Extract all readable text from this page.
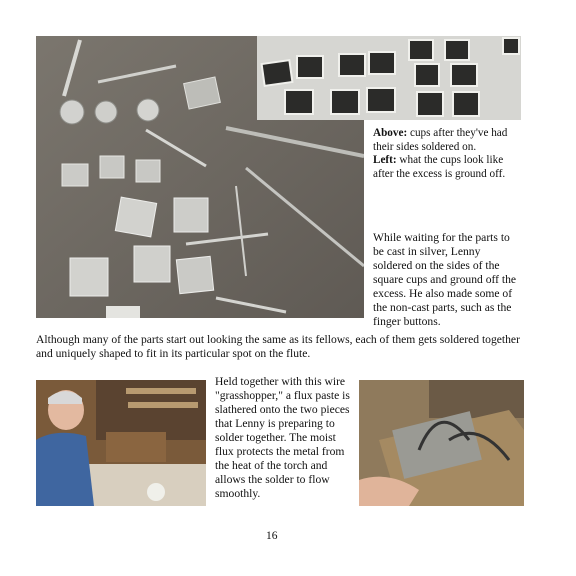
Above: cups after they've had their sides soldered on.
Left: what the cups look like after the excess is ground off.
While waiting for the parts to be cast in silver, Lenny soldered on the sides of the square cups and ground off the excess. He also made some of the non-cast parts, such as the finger buttons.
Although many of the parts start out looking the same as its fellows, each of them gets soldered together and uniquely shaped to fit in its particular spot on the flute.
Held together with this wire "grasshopper," a flux paste is slathered onto the two pieces that Lenny is preparing to solder together. The moist flux protects the metal from the heat of the torch and allows the solder to flow smoothly.
16
